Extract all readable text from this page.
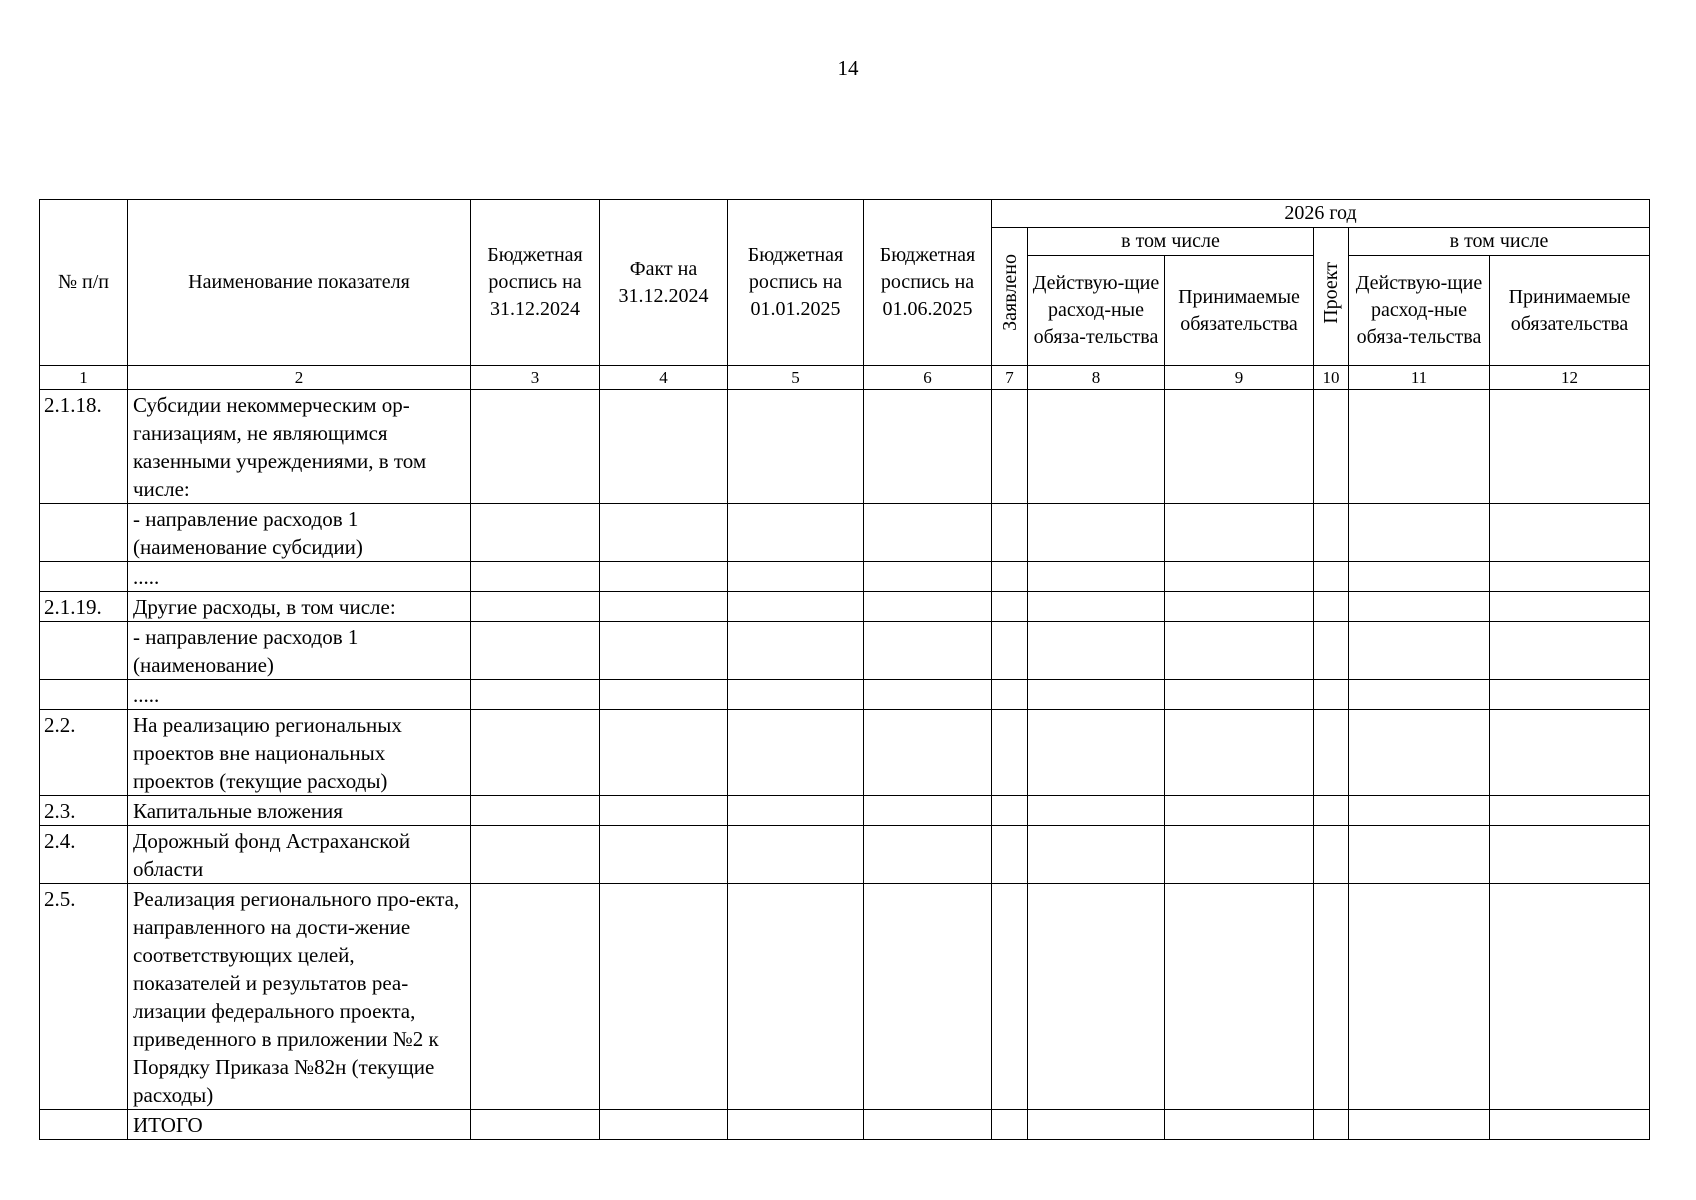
14
№ п/п	Наименование показателя	Бюджетная роспись на 31.12.2024	Факт на 31.12.2024	Бюджетная роспись на 01.01.2025	Бюджетная роспись на 01.06.2025	2026 год					
						Заявлено	в том числе		Проект	в том числе	
							Действую-щие расход-ные обяза-тельства	Принимаемые обязательства		Действую-щие расход-ные обяза-тельства	Принимаемые обязательства
1	2	3	4	5	6	7	8	9	10	11	12
2.1.18.	Субсидии некоммерческим ор-ганизациям, не являющимся казенными учреждениями, в том числе:										
	- направление расходов 1 (наименование субсидии)										
	.....										
2.1.19.	Другие расходы, в том числе:										
	- направление расходов 1 (наименование)										
	.....										
2.2.	На реализацию региональных проектов вне национальных проектов (текущие расходы)										
2.3.	Капитальные вложения										
2.4.	Дорожный фонд Астраханской области										
2.5.	Реализация регионального про-екта, направленного на дости-жение соответствующих целей, показателей и результатов реа-лизации федерального проекта, приведенного в приложении №2 к Порядку Приказа №82н (текущие расходы)										
	ИТОГО										
